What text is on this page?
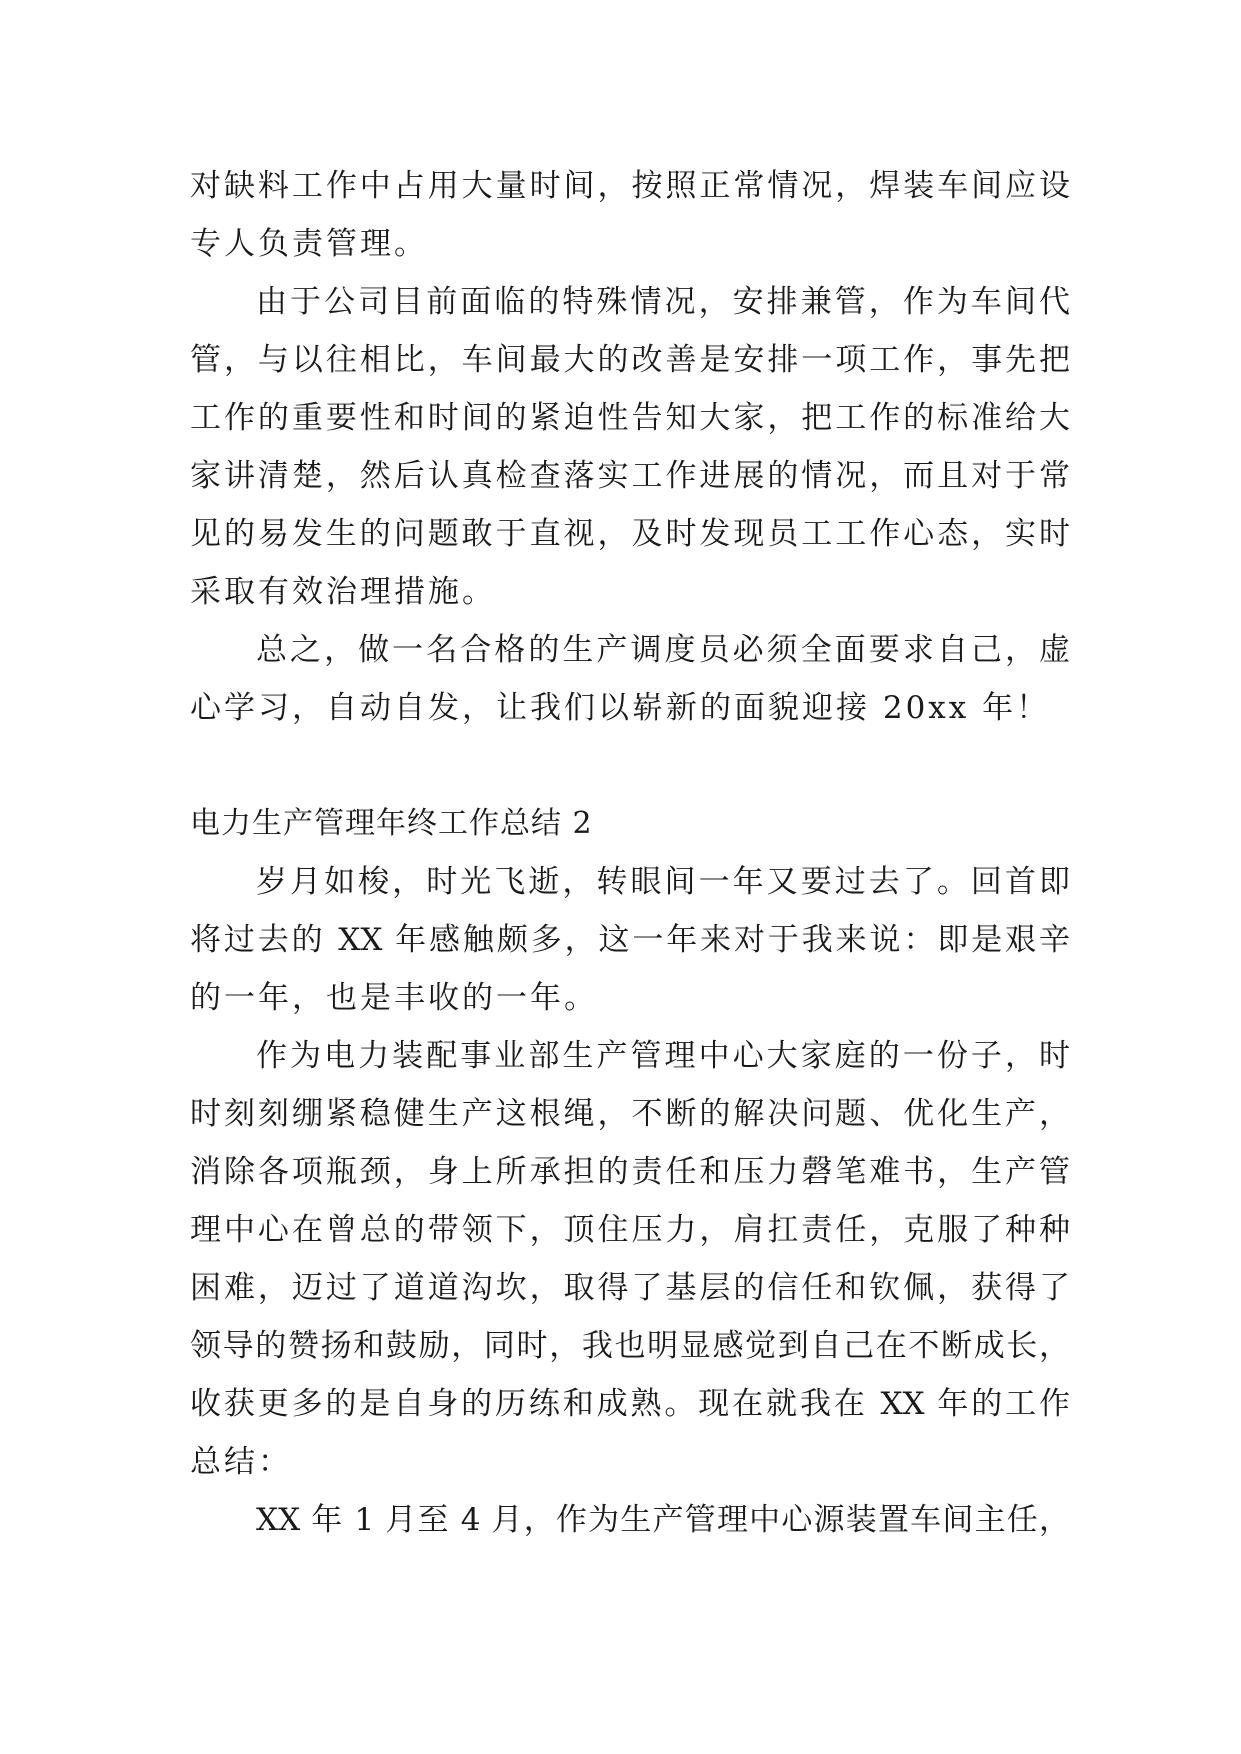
对缺料工作中占用大量时间，按照正常情况，焊装车间应设
专人负责管理。
由于公司目前面临的特殊情况，安排兼管，作为车间代
管，与以往相比，车间最大的改善是安排一项工作，事先把
工作的重要性和时间的紧迫性告知大家，把工作的标准给大
家讲清楚，然后认真检查落实工作进展的情况，而且对于常
见的易发生的问题敢于直视，及时发现员工工作心态，实时
采取有效治理措施。
总之，做一名合格的生产调度员必须全面要求自己，虚
心学习，自动自发，让我们以崭新的面貌迎接 20xx 年！
电力生产管理年终工作总结 2
岁月如梭，时光飞逝，转眼间一年又要过去了。回首即
将过去的 XX 年感触颇多，这一年来对于我来说：即是艰辛
的一年，也是丰收的一年。
作为电力装配事业部生产管理中心大家庭的一份子，时
时刻刻绷紧稳健生产这根绳，不断的解决问题、优化生产，
消除各项瓶颈，身上所承担的责任和压力磬笔难书，生产管
理中心在曾总的带领下，顶住压力，肩扛责任，克服了种种
困难，迈过了道道沟坎，取得了基层的信任和钦佩，获得了
领导的赞扬和鼓励，同时，我也明显感觉到自己在不断成长，
收获更多的是自身的历练和成熟。现在就我在 XX 年的工作
总结：
XX 年 1 月至 4 月，作为生产管理中心源装置车间主任，
